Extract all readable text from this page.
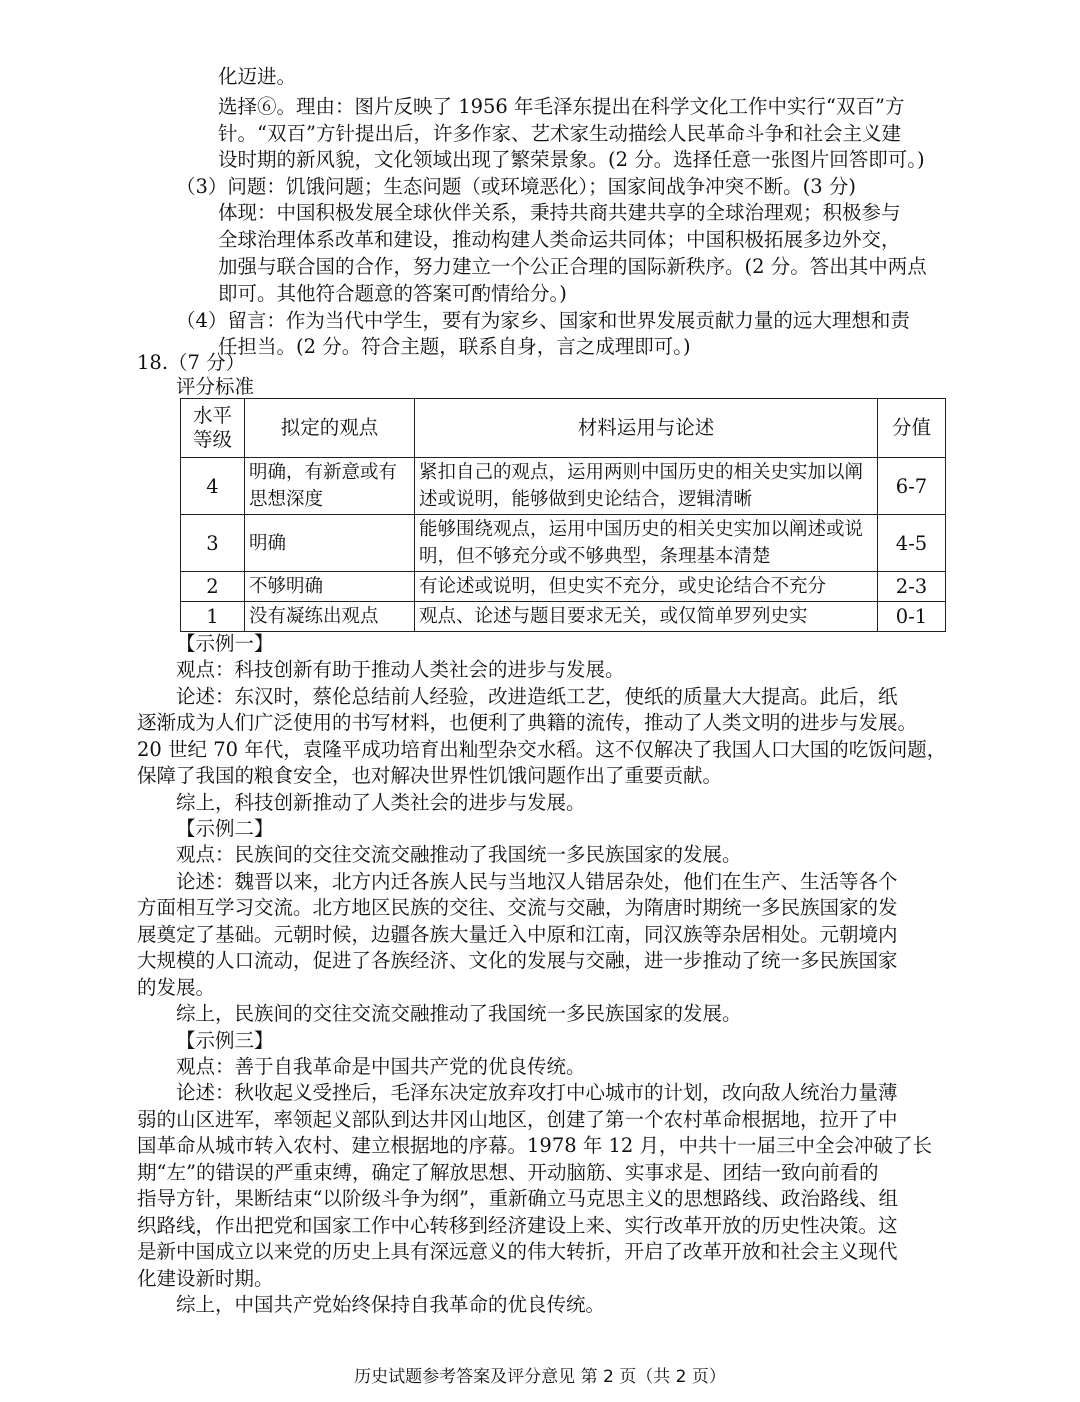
化迈进。
选择⑥。理由：图片反映了 1956 年毛泽东提出在科学文化工作中实行“双百”方
针。“双百”方针提出后，许多作家、艺术家生动描绘人民革命斗争和社会主义建
设时期的新风貌，文化领域出现了繁荣景象。(2 分。选择任意一张图片回答即可。)
（3）问题：饥饿问题；生态问题（或环境恶化）；国家间战争冲突不断。(3 分)
体现：中国积极发展全球伙伴关系，秉持共商共建共享的全球治理观；积极参与
全球治理体系改革和建设，推动构建人类命运共同体；中国积极拓展多边外交，
加强与联合国的合作，努力建立一个公正合理的国际新秩序。(2 分。答出其中两点
即可。其他符合题意的答案可酌情给分。)
（4）留言：作为当代中学生，要有为家乡、国家和世界发展贡献力量的远大理想和责
任担当。(2 分。符合主题，联系自身，言之成理即可。)
18.（7 分）
评分标准
水平等级	拟定的观点	材料运用与论述	分值
4	明确，有新意或有思想深度	紧扣自己的观点，运用两则中国历史的相关史实加以阐述或说明，能够做到史论结合，逻辑清晰	6-7
3	明确	能够围绕观点，运用中国历史的相关史实加以阐述或说明，但不够充分或不够典型，条理基本清楚	4-5
2	不够明确	有论述或说明，但史实不充分，或史论结合不充分	2-3
1	没有凝练出观点	观点、论述与题目要求无关，或仅简单罗列史实	0-1
【示例一】
观点：科技创新有助于推动人类社会的进步与发展。
论述：东汉时，蔡伦总结前人经验，改进造纸工艺，使纸的质量大大提高。此后，纸
逐渐成为人们广泛使用的书写材料，也便利了典籍的流传，推动了人类文明的进步与发展。
20 世纪 70 年代，袁隆平成功培育出籼型杂交水稻。这不仅解决了我国人口大国的吃饭问题，
保障了我国的粮食安全，也对解决世界性饥饿问题作出了重要贡献。
综上，科技创新推动了人类社会的进步与发展。
【示例二】
观点：民族间的交往交流交融推动了我国统一多民族国家的发展。
论述：魏晋以来，北方内迁各族人民与当地汉人错居杂处，他们在生产、生活等各个
方面相互学习交流。北方地区民族的交往、交流与交融，为隋唐时期统一多民族国家的发
展奠定了基础。元朝时候，边疆各族大量迁入中原和江南，同汉族等杂居相处。元朝境内
大规模的人口流动，促进了各族经济、文化的发展与交融，进一步推动了统一多民族国家
的发展。
综上，民族间的交往交流交融推动了我国统一多民族国家的发展。
【示例三】
观点：善于自我革命是中国共产党的优良传统。
论述：秋收起义受挫后，毛泽东决定放弃攻打中心城市的计划，改向敌人统治力量薄
弱的山区进军，率领起义部队到达井冈山地区，创建了第一个农村革命根据地，拉开了中
国革命从城市转入农村、建立根据地的序幕。1978 年 12 月，中共十一届三中全会冲破了长
期“左”的错误的严重束缚，确定了解放思想、开动脑筋、实事求是、团结一致向前看的
指导方针，果断结束“以阶级斗争为纲”，重新确立马克思主义的思想路线、政治路线、组
织路线，作出把党和国家工作中心转移到经济建设上来、实行改革开放的历史性决策。这
是新中国成立以来党的历史上具有深远意义的伟大转折，开启了改革开放和社会主义现代
化建设新时期。
综上，中国共产党始终保持自我革命的优良传统。
历史试题参考答案及评分意见 第 2 页（共 2 页）
